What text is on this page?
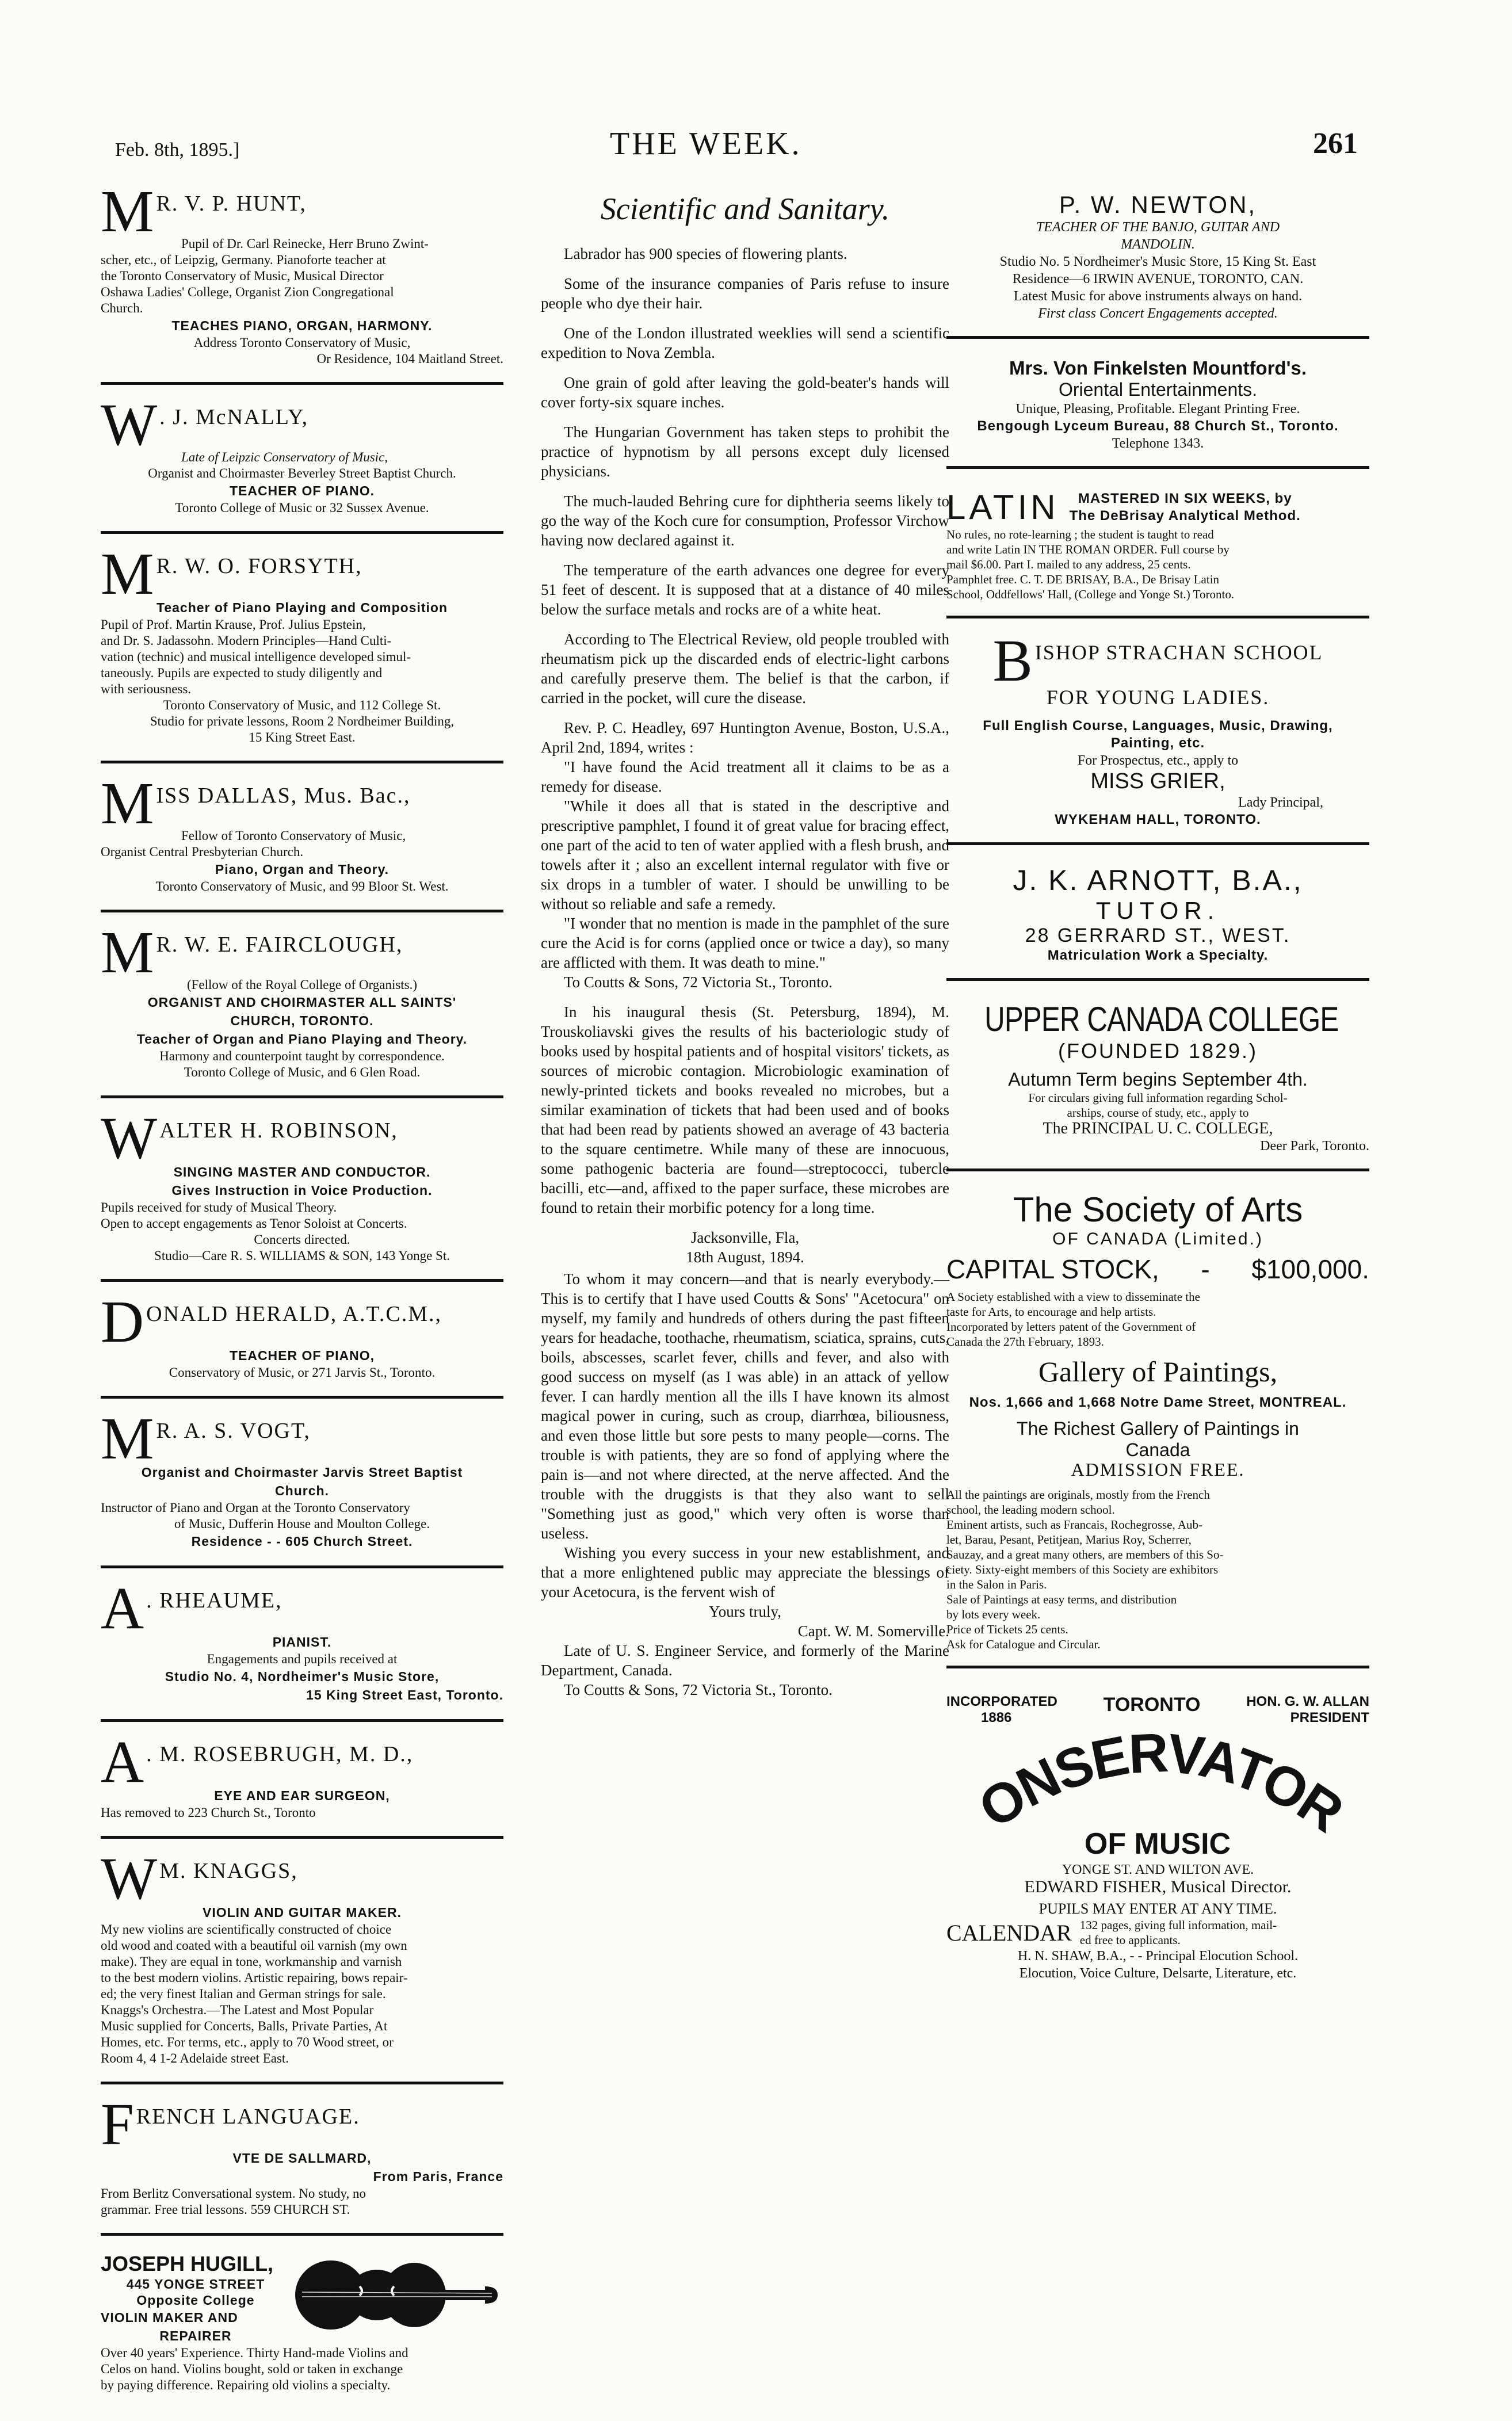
Feb. 8th, 1895.]	THE WEEK.	261
M R. V. P. HUNT,
Pupil of Dr. Carl Reinecke, Herr Bruno Zwint-
scher, etc., of Leipzig, Germany. Pianoforte teacher at
the Toronto Conservatory of Music, Musical Director
Oshawa Ladies' College, Organist Zion Congregational
Church.
TEACHES PIANO, ORGAN, HARMONY.
Address Toronto Conservatory of Music,
Or Residence, 104 Maitland Street.
W . J. McNALLY,
Late of Leipzic Conservatory of Music,
Organist and Choirmaster Beverley Street Baptist Church.
TEACHER OF PIANO.
Toronto College of Music or 32 Sussex Avenue.
M R. W. O. FORSYTH,
Teacher of Piano Playing and Composition
Pupil of Prof. Martin Krause, Prof. Julius Epstein,
and Dr. S. Jadassohn. Modern Principles—Hand Culti-
vation (technic) and musical intelligence developed simul-
taneously. Pupils are expected to study diligently and
with seriousness.
Toronto Conservatory of Music, and 112 College St.
Studio for private lessons, Room 2 Nordheimer Building,
15 King Street East.
M ISS DALLAS, Mus. Bac.,
Fellow of Toronto Conservatory of Music,
Organist Central Presbyterian Church.
Piano, Organ and Theory.
Toronto Conservatory of Music, and 99 Bloor St. West.
M R. W. E. FAIRCLOUGH,
(Fellow of the Royal College of Organists.)
ORGANIST AND CHOIRMASTER ALL SAINTS'
CHURCH, TORONTO.
Teacher of Organ and Piano Playing and Theory.
Harmony and counterpoint taught by correspondence.
Toronto College of Music, and 6 Glen Road.
W ALTER H. ROBINSON,
SINGING MASTER AND CONDUCTOR.
Gives Instruction in Voice Production.
Pupils received for study of Musical Theory.
Open to accept engagements as Tenor Soloist at Concerts.
Concerts directed.
Studio—Care R. S. WILLIAMS & SON, 143 Yonge St.
D ONALD HERALD, A.T.C.M.,
TEACHER OF PIANO,
Conservatory of Music, or 271 Jarvis St., Toronto.
M R. A. S. VOGT,
Organist and Choirmaster Jarvis Street Baptist
Church.
Instructor of Piano and Organ at the Toronto Conservatory
of Music, Dufferin House and Moulton College.
Residence - - 605 Church Street.
A . RHEAUME,
PIANIST.
Engagements and pupils received at
Studio No. 4, Nordheimer's Music Store,
15 King Street East, Toronto.
A . M. ROSEBRUGH, M. D.,
EYE AND EAR SURGEON,
Has removed to 223 Church St., Toronto
W M. KNAGGS,
VIOLIN AND GUITAR MAKER.
My new violins are scientifically constructed of choice
old wood and coated with a beautiful oil varnish (my own
make). They are equal in tone, workmanship and varnish
to the best modern violins. Artistic repairing, bows repair-
ed; the very finest Italian and German strings for sale.
Knaggs's Orchestra.—The Latest and Most Popular
Music supplied for Concerts, Balls, Private Parties, At
Homes, etc. For terms, etc., apply to 70 Wood street, or
Room 4, 4 1-2 Adelaide street East.
F RENCH LANGUAGE.
VTE DE SALLMARD,
From Paris, France
From Berlitz Conversational system. No study, no
grammar. Free trial lessons. 559 CHURCH ST.
JOSEPH HUGILL,
445 YONGE STREET
Opposite College
VIOLIN MAKER AND
REPAIRER
Over 40 years' Experience. Thirty Hand-made Violins and
Celos on hand. Violins bought, sold or taken in exchange
by paying difference. Repairing old violins a specialty.
Scientific and Sanitary.

Labrador has 900 species of flowering plants.

Some of the insurance companies of Paris refuse to insure people who dye their hair.

One of the London illustrated weeklies will send a scientific expedition to Nova Zembla.

One grain of gold after leaving the gold-beater's hands will cover forty-six square inches.

The Hungarian Government has taken steps to prohibit the practice of hypnotism by all persons except duly licensed physicians.

The much-lauded Behring cure for diphtheria seems likely to go the way of the Koch cure for consumption, Professor Virchow having now declared against it.

The temperature of the earth advances one degree for every 51 feet of descent. It is supposed that at a distance of 40 miles below the surface metals and rocks are of a white heat.

According to The Electrical Review, old people troubled with rheumatism pick up the discarded ends of electric-light carbons and carefully preserve them. The belief is that the carbon, if carried in the pocket, will cure the disease.

Rev. P. C. Headley, 697 Huntington Avenue, Boston, U.S.A., April 2nd, 1894, writes :

"I have found the Acid treatment all it claims to be as a remedy for disease.

"While it does all that is stated in the descriptive and prescriptive pamphlet, I found it of great value for bracing effect, one part of the acid to ten of water applied with a flesh brush, and towels after it ; also an excellent internal regulator with five or six drops in a tumbler of water. I should be unwilling to be without so reliable and safe a remedy.

"I wonder that no mention is made in the pamphlet of the sure cure the Acid is for corns (applied once or twice a day), so many are afflicted with them. It was death to mine."

To Coutts & Sons, 72 Victoria St., Toronto.

In his inaugural thesis (St. Petersburg, 1894), M. Trouskoliavski gives the results of his bacteriologic study of books used by hospital patients and of hospital visitors' tickets, as sources of microbic contagion. Microbiologic examination of newly-printed tickets and books revealed no microbes, but a similar examination of tickets that had been used and of books that had been read by patients showed an average of 43 bacteria to the square centimetre. While many of these are innocuous, some pathogenic bacteria are found—streptococci, tubercle bacilli, etc—and, affixed to the paper surface, these microbes are found to retain their morbific potency for a long time.

Jacksonville, Fla,

18th August, 1894.

To whom it may concern—and that is nearly everybody.—This is to certify that I have used Coutts & Sons' "Acetocura" on myself, my family and hundreds of others during the past fifteen years for headache, toothache, rheumatism, sciatica, sprains, cuts, boils, abscesses, scarlet fever, chills and fever, and also with good success on myself (as I was able) in an attack of yellow fever. I can hardly mention all the ills I have known its almost magical power in curing, such as croup, diarrhœa, biliousness, and even those little but sore pests to many people—corns. The trouble is with patients, they are so fond of applying where the pain is—and not where directed, at the nerve affected. And the trouble with the druggists is that they also want to sell "Something just as good," which very often is worse than useless.

Wishing you every success in your new establishment, and that a more enlightened public may appreciate the blessings of your Acetocura, is the fervent wish of

Yours truly,

Capt. W. M. Somerville.

Late of U. S. Engineer Service, and formerly of the Marine Department, Canada.

To Coutts & Sons, 72 Victoria St., Toronto.

P. W. NEWTON,
TEACHER OF THE BANJO, GUITAR AND
MANDOLIN.
Studio No. 5 Nordheimer's Music Store, 15 King St. East
Residence—6 IRWIN AVENUE, TORONTO, CAN.
Latest Music for above instruments always on hand.
First class Concert Engagements accepted.
Mrs. Von Finkelsten Mountford's.
Oriental Entertainments.
Unique, Pleasing, Profitable. Elegant Printing Free.
Bengough Lyceum Bureau, 88 Church St., Toronto.
Telephone 1343.
LATIN	MASTERED IN SIX WEEKS, by
The DeBrisay Analytical Method.
No rules, no rote-learning ; the student is taught to read
and write Latin IN THE ROMAN ORDER. Full course by
mail $6.00. Part I. mailed to any address, 25 cents.
Pamphlet free. C. T. DE BRISAY, B.A., De Brisay Latin
School, Oddfellows' Hall, (College and Yonge St.) Toronto.
B ISHOP STRACHAN SCHOOL
FOR YOUNG LADIES.
Full English Course, Languages, Music, Drawing,
Painting, etc.
For Prospectus, etc., apply to
MISS GRIER,
Lady Principal,
WYKEHAM HALL, TORONTO.
J. K. ARNOTT, B.A.,
TUTOR.
28 GERRARD ST., WEST.
Matriculation Work a Specialty.
UPPER CANADA COLLEGE
(FOUNDED 1829.)
Autumn Term begins September 4th.
For circulars giving full information regarding Schol-
arships, course of study, etc., apply to
The PRINCIPAL U. C. COLLEGE,
Deer Park, Toronto.
The Society of Arts
OF CANADA (Limited.)
CAPITAL STOCK, - $100,000.
A Society established with a view to disseminate the
taste for Arts, to encourage and help artists.
Incorporated by letters patent of the Government of
Canada the 27th February, 1893.
Gallery of Paintings,
Nos. 1,666 and 1,668 Notre Dame Street, MONTREAL.
The Richest Gallery of Paintings in
Canada
ADMISSION FREE.
All the paintings are originals, mostly from the French
school, the leading modern school.
Eminent artists, such as Francais, Rochegrosse, Aub-
let, Barau, Pesant, Petitjean, Marius Roy, Scherrer,
Sauzay, and a great many others, are members of this So-
ciety. Sixty-eight members of this Society are exhibitors
in the Salon in Paris.
Sale of Paintings at easy terms, and distribution
by lots every week.
Price of Tickets 25 cents.
Ask for Catalogue and Circular.
INCORPORATED
1886
TORONTO	HON. G. W. ALLAN
PRESIDENT
ONSERVATOR
OF MUSIC
YONGE ST. AND WILTON AVE.
EDWARD FISHER, Musical Director.
PUPILS MAY ENTER AT ANY TIME.
CALENDAR 132 pages, giving full information, mail-
ed free to applicants.
H. N. SHAW, B.A., - - Principal Elocution School.
Elocution, Voice Culture, Delsarte, Literature, etc.
